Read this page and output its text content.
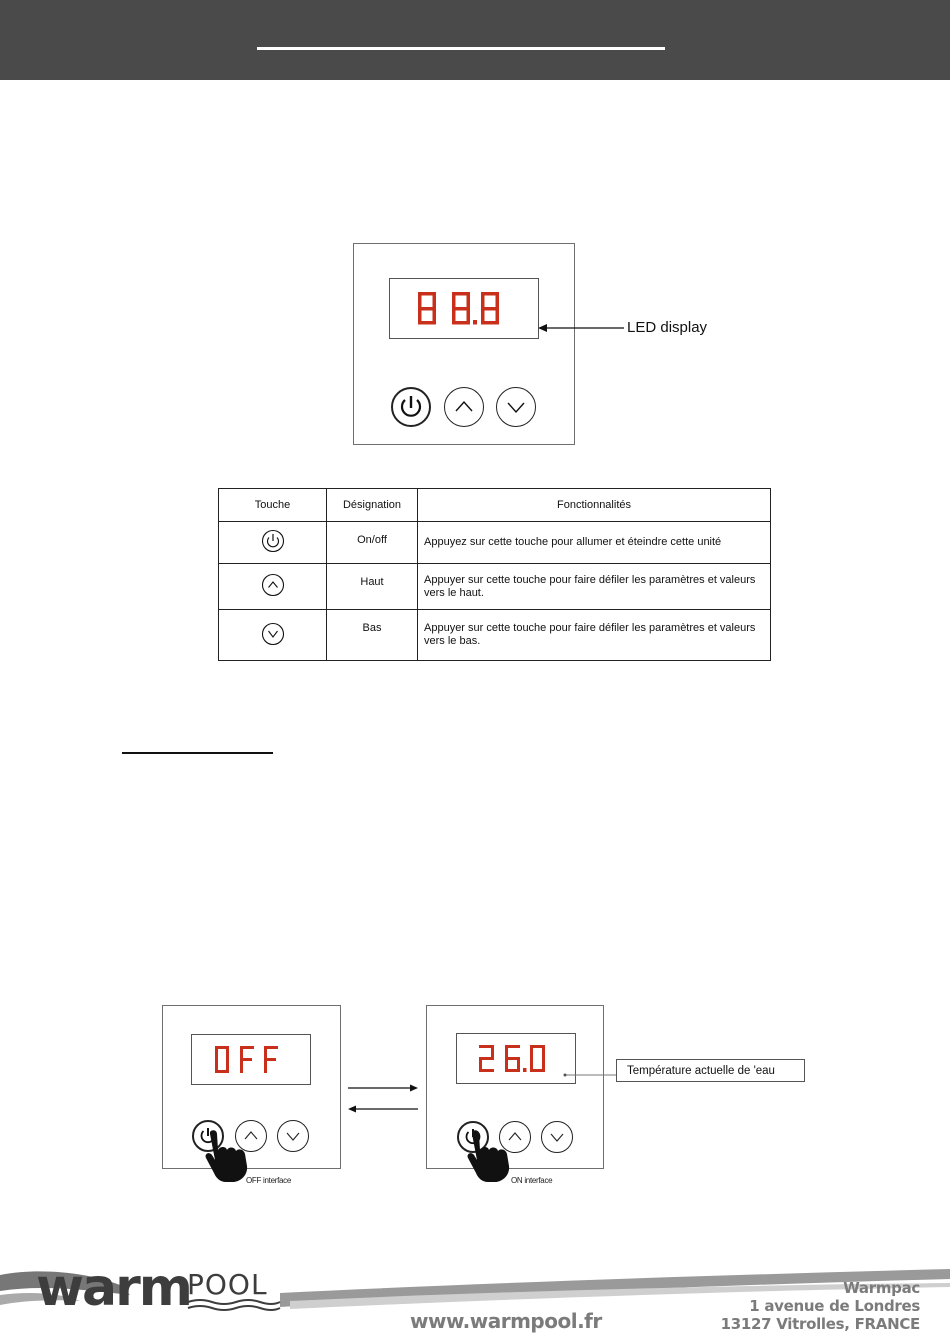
LED display
Touche	Désignation	Fonctionnalités
	On/off	Appuyez sur cette touche pour allumer et éteindre cette unité
	Haut	Appuyer sur cette touche pour faire défiler les paramètres et valeurs vers le haut.
	Bas	Appuyer sur cette touche pour faire défiler les paramètres et valeurs vers le bas.
OFF interface	ON interface
Température actuelle de 'eau
warm
POOL
www.warmpool.fr
Warmpac
1 avenue de Londres
13127 Vitrolles, FRANCE
